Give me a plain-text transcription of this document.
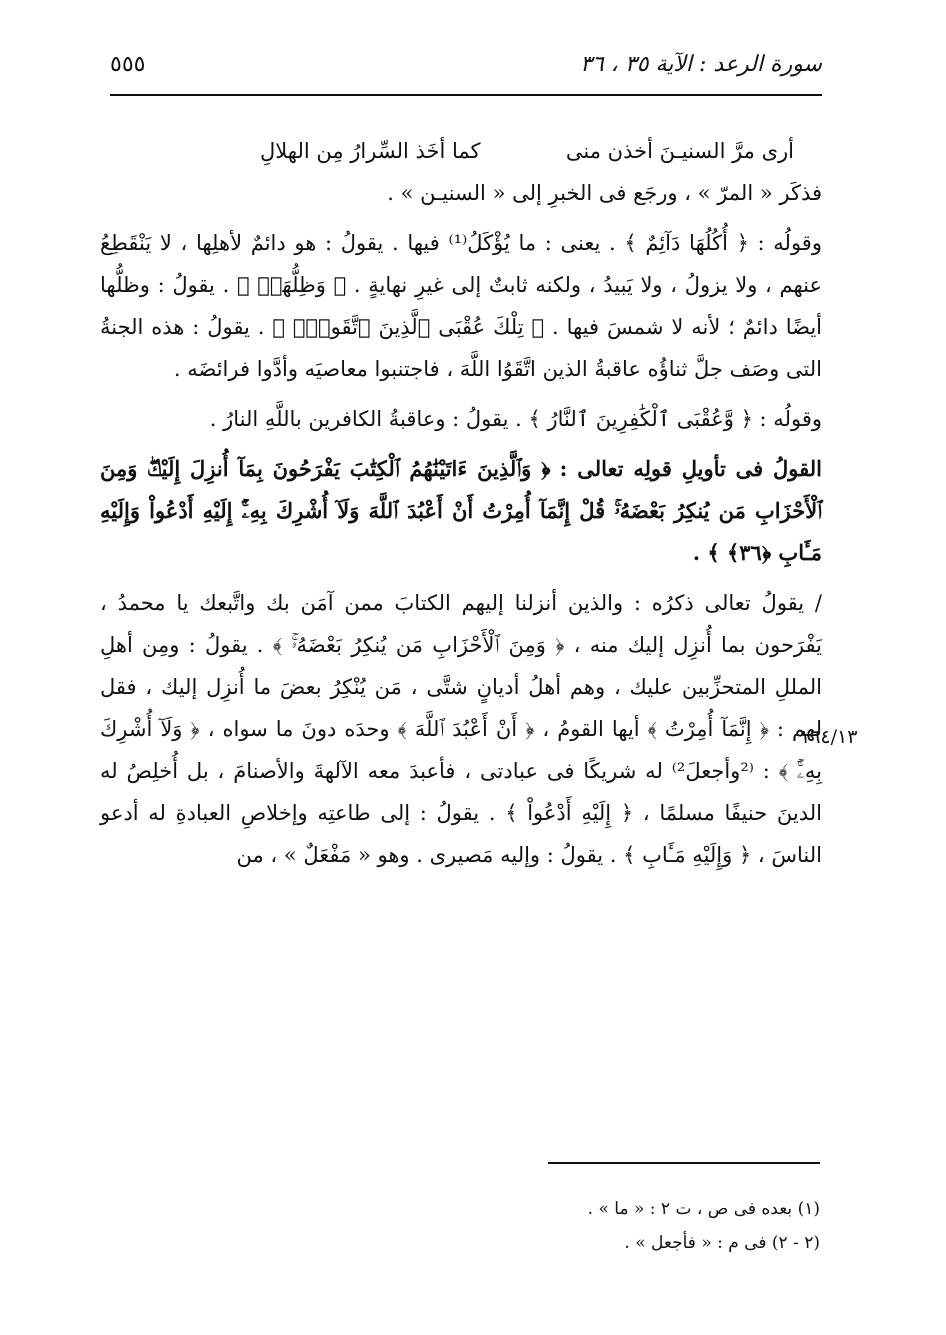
٥٥٥	سورة الرعد : الآية ٣٥ ، ٣٦
أرى مرَّ السنيـنَ أخذن منى
كما أخَذ السِّرارُ مِن الهلالِ

فذكَر « المرّ » ، ورجَع فى الخبرِ إلى « السنيـن » .

وقولُه : ﴿ أُكُلُهَا دَآئِمٌ ﴾ . يعنى : ما يُؤْكَلُ⁽¹⁾ فيها . يقولُ : هو دائمٌ لأهلِها ، لا يَنْقَطِعُ عنهم ، ولا يزولُ ، ولا يَبيدُ ، ولكنه ثابتٌ إلى غيرِ نهايةٍ . ﴿ وَظِلُّهَاۚ ﴾ . يقولُ : وظلُّها أيضًا دائمٌ ؛ لأنه لا شمسَ فيها . ﴿ تِلْكَ عُقْبَى ٱلَّذِينَ ٱتَّقَواْۖ ﴾ . يقولُ : هذه الجنةُ التى وصَف جلَّ ثناؤُه عاقبةُ الذين اتَّقَوُا اللَّهَ ، فاجتنبوا معاصيَه وأدَّوا فرائضَه .

وقولُه : ﴿ وَّعُقْبَى ٱلْكَٰفِرِينَ ٱلنَّارُ ﴾ . يقولُ : وعاقبةُ الكافرين باللَّهِ النارُ .

القولُ فى تأويلِ قولِه تعالى : ﴿ وَٱلَّذِينَ ءَاتَيْنَٰهُمُ ٱلْكِتَٰبَ يَفْرَحُونَ بِمَآ أُنزِلَ إِلَيْكَۖ وَمِنَ ٱلْأَحْزَابِ مَن يُنكِرُ بَعْضَهُۥۚ قُلْ إِنَّمَآ أُمِرْتُ أَنْ أَعْبُدَ ٱللَّهَ وَلَآ أُشْرِكَ بِهِۦٓۚ إِلَيْهِ أَدْعُواْ وَإِلَيْهِ مَـَٔابِ ﴿٣٦﴾ ﴾ .

/ يقولُ تعالى ذكرُه : والذين أنزلنا إليهم الكتابَ ممن آمَن بك واتَّبعك يا محمدُ ، يَفْرَحون بما أُنزِل إليك منه ، ﴿ وَمِنَ ٱلْأَحْزَابِ مَن يُنكِرُ بَعْضَهُۥۚ ﴾ . يقولُ : ومِن أهلِ المللِ المتحزِّبين عليك ، وهم أهلُ أديانٍ شتَّى ، مَن يُنْكِرُ بعضَ ما أُنزِل إليك ، فقل لهم : ﴿ إِنَّمَآ أُمِرْتُ ﴾ أيها القومُ ، ﴿ أَنْ أَعْبُدَ ٱللَّهَ ﴾ وحدَه دونَ ما سواه ، ﴿ وَلَآ أُشْرِكَ بِهِۦٓۚ ﴾ : ⁽²وأجعلَ²⁾ له شريكًا فى عبادتى ، فأعبدَ معه الآلهةَ والأصنامَ ، بل أُخلِصُ له الدينَ حنيفًا مسلمًا ، ﴿ إِلَيْهِ أَدْعُواْ ﴾ . يقولُ : إلى طاعتِه وإخلاصِ العبادةِ له أدعو الناسَ ، ﴿ وَإِلَيْهِ مَـَٔابِ ﴾ . يقولُ : وإليه مَصيرى . وهو « مَفْعَلٌ » ، من

١٦٤/١٣

(١) بعده فى ص ، ت ٢ : « ما » .

(٢ - ٢) فى م : « فأجعل » .
